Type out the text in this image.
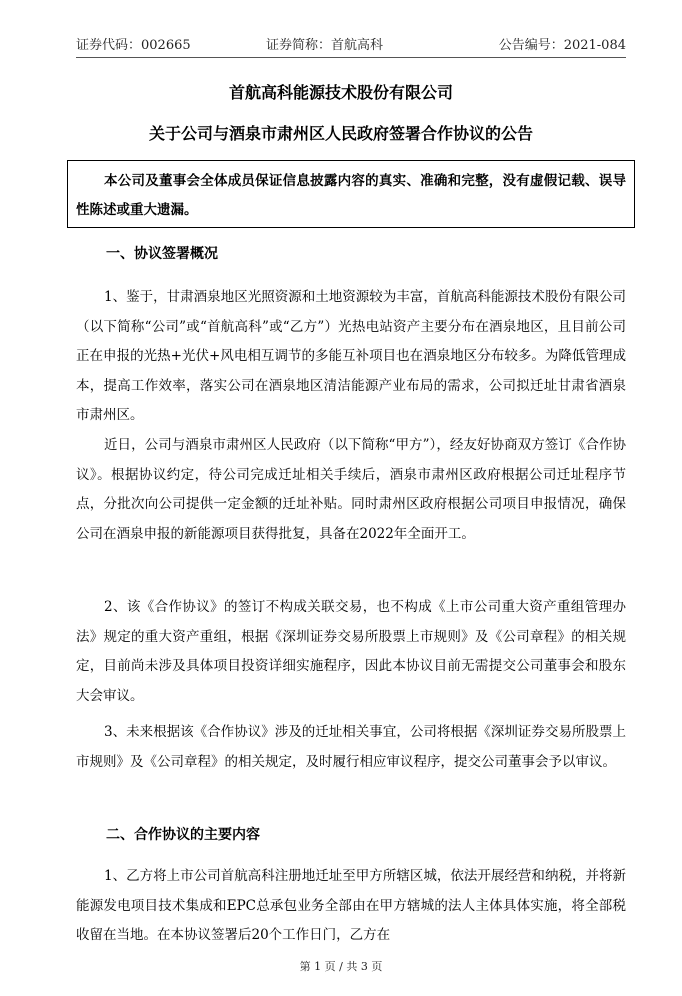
证券代码：002665	证券简称：首航高科	公告编号：2021-084
首航高科能源技术股份有限公司
关于公司与酒泉市肃州区人民政府签署合作协议的公告
本公司及董事会全体成员保证信息披露内容的真实、准确和完整，没有虚假记载、误导性陈述或重大遗漏。
一、协议签署概况
1、鉴于，甘肃酒泉地区光照资源和土地资源较为丰富，首航高科能源技术股份有限公司（以下简称“公司”或“首航高科”或“乙方”）光热电站资产主要分布在酒泉地区，且目前公司正在申报的光热+光伏+风电相互调节的多能互补项目也在酒泉地区分布较多。为降低管理成本，提高工作效率，落实公司在酒泉地区清洁能源产业布局的需求，公司拟迁址甘肃省酒泉市肃州区。
近日，公司与酒泉市肃州区人民政府（以下简称“甲方”），经友好协商双方签订《合作协议》。根据协议约定，待公司完成迁址相关手续后，酒泉市肃州区政府根据公司迁址程序节点，分批次向公司提供一定金额的迁址补贴。同时肃州区政府根据公司项目申报情况，确保公司在酒泉申报的新能源项目获得批复，具备在2022年全面开工。
2、该《合作协议》的签订不构成关联交易，也不构成《上市公司重大资产重组管理办法》规定的重大资产重组，根据《深圳证券交易所股票上市规则》及《公司章程》的相关规定，目前尚未涉及具体项目投资详细实施程序，因此本协议目前无需提交公司董事会和股东大会审议。
3、未来根据该《合作协议》涉及的迁址相关事宜，公司将根据《深圳证券交易所股票上市规则》及《公司章程》的相关规定，及时履行相应审议程序，提交公司董事会予以审议。
二、合作协议的主要内容
1、乙方将上市公司首航高科注册地迁址至甲方所辖区城，依法开展经营和纳税，并将新能源发电项目技术集成和EPC总承包业务全部由在甲方辖城的法人主体具体实施，将全部税收留在当地。在本协议签署后20个工作日门，乙方在
第 1 页 / 共 3 页
